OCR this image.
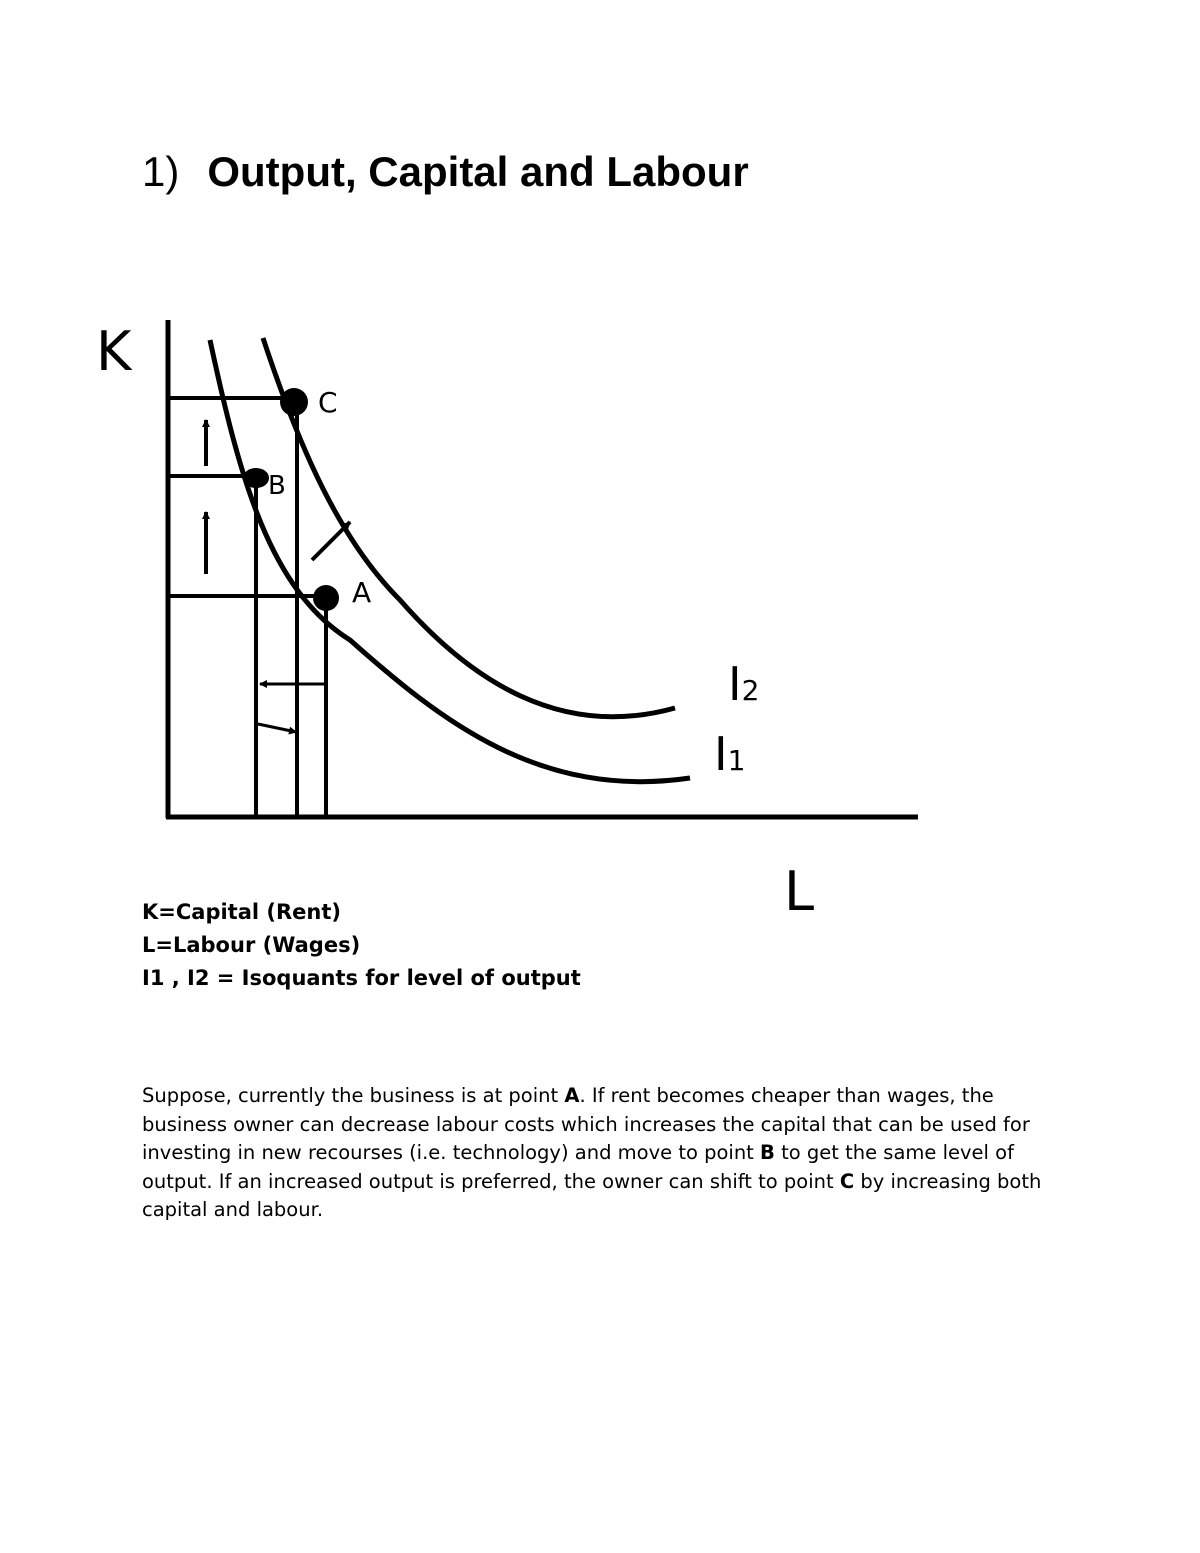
1) Output, Capital and Labour
K
L
C
B
A
I2
I1
K=Capital (Rent)
L=Labour (Wages)
I1 , I2 = Isoquants for level of output

Suppose, currently the business is at point A. If rent becomes cheaper than wages, the business owner can decrease labour costs which increases the capital that can be used for investing in new recourses (i.e. technology) and move to point B to get the same level of output. If an increased output is preferred, the owner can shift to point C by increasing both capital and labour.
